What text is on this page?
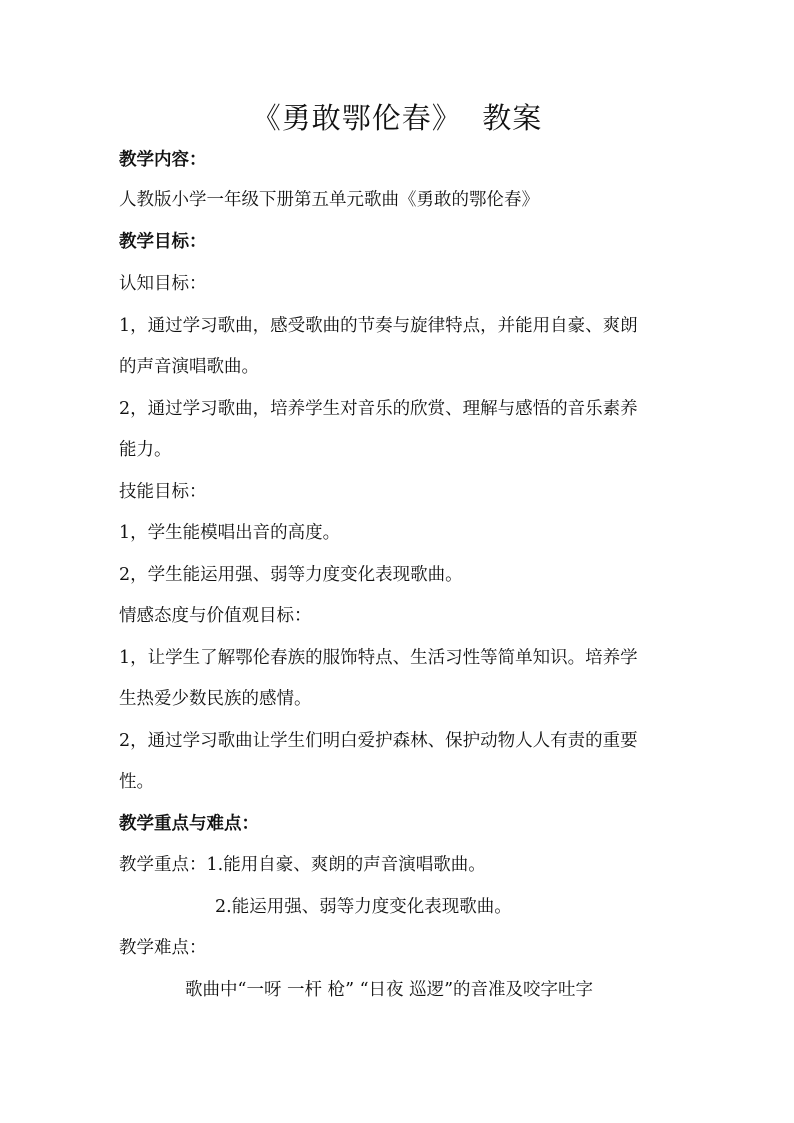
《勇敢鄂伦春》  教案
教学内容：
人教版小学一年级下册第五单元歌曲《勇敢的鄂伦春》
教学目标：
认知目标：
1，通过学习歌曲，感受歌曲的节奏与旋律特点，并能用自豪、爽朗
的声音演唱歌曲。
2，通过学习歌曲，培养学生对音乐的欣赏、理解与感悟的音乐素养
能力。
技能目标：
1，学生能模唱出音的高度。
2，学生能运用强、弱等力度变化表现歌曲。
情感态度与价值观目标：
1，让学生了解鄂伦春族的服饰特点、生活习性等简单知识。培养学
生热爱少数民族的感情。
2，通过学习歌曲让学生们明白爱护森林、保护动物人人有责的重要
性。
教学重点与难点：
教学重点：1.能用自豪、爽朗的声音演唱歌曲。
2.能运用强、弱等力度变化表现歌曲。
教学难点：
歌曲中“一呀 一杆 枪” “日夜 巡逻”的音准及咬字吐字
